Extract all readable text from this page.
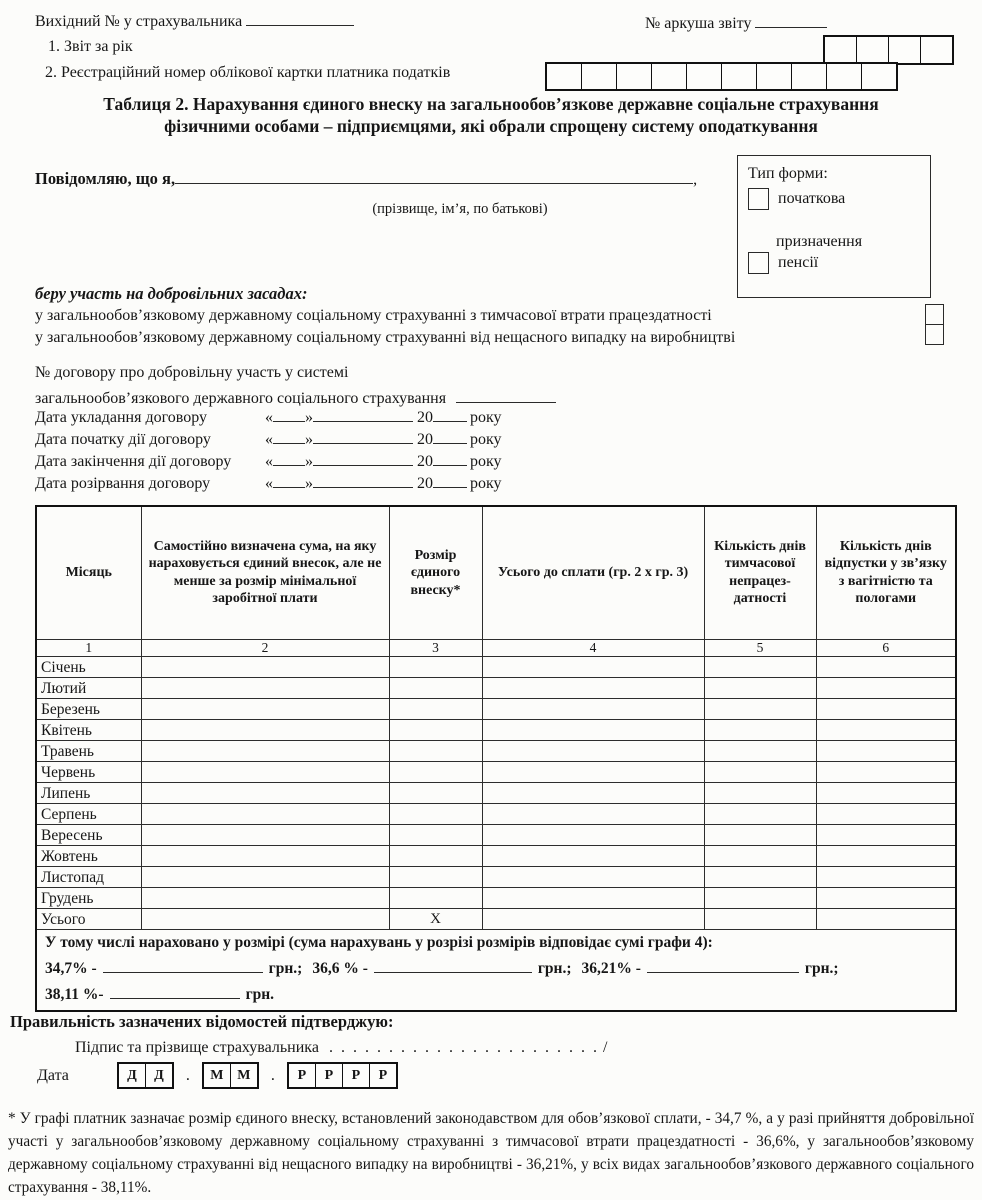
Вихідний № у страхувальника	№ аркуша звіту
1. Звіт за рік
2. Реєстраційний номер облікової картки платника податків
Таблиця 2. Нарахування єдиного внеску на загальнообов’язкове державне соціальне страхування
фізичними особами – підприємцями, які обрали спрощену систему оподаткування
Повідомляю, що я,	,
(прізвище, ім’я, по батькові)
Тип форми:
початкова
призначення
пенсії
беру участь на добровільних засадах:
у загальнообов’язковому державному соціальному страхуванні з тимчасової втрати працездатності
у загальнообов’язковому державному соціальному страхуванні від нещасного випадку на виробництві
№ договору про добровільну участь у системі
загальнообов’язкового державного соціального страхування
Дата укладання договору	« »	20 року
Дата початку дії договору	« »	20 року
Дата закінчення дії договору	« »	20 року
Дата розірвання договору	« »	20 року
Місяць	Самостійно визначена сума, на яку нараховується єдиний внесок, але не менше за розмір мінімальної заробітної плати	Розмір єдиного внеску*	Усього до сплати (гр. 2 х гр. 3)	Кількість днів тимчасової непрацез-датності	Кількість днів відпустки у зв’язку з вагітністю та пологами
1	2	3	4	5	6
Січень					
Лютий					
Березень					
Квітень					
Травень					
Червень					
Липень					
Серпень					
Вересень					
Жовтень					
Листопад					
Грудень					
Усього		Х			

У тому числі нараховано у розмірі (сума нарахувань у розрізі розмірів відповідає сумі графи 4):
34,7% -	грн.; 36,6 % -	грн.; 36,21% -	грн.;
38,11 %-	грн.
Правильність зазначених відомостей підтверджую:
Підпис та прізвище страхувальника . . . . . . . . . . . . . . . . . . . . . . . /
Дата	Д	Д	.	М М	.	Р	Р	Р	Р
* У графі платник зазначає розмір єдиного внеску, встановлений законодавством для обов’язкової сплати, - 34,7 %, а у разі прийняття добровільної участі у загальнообов’язковому державному соціальному страхуванні з тимчасової втрати працездатності - 36,6%, у загальнообов’язковому державному соціальному страхуванні від нещасного випадку на виробництві - 36,21%, у всіх видах загальнообов’язкового державного соціального страхування - 38,11%.
